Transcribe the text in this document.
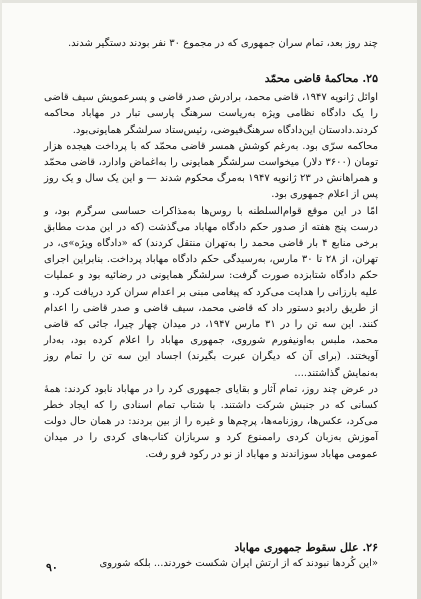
چند روز بعد، تمام سران جمهوری که در مجموع ۳۰ نفر بودند دستگیر شدند.

۲۵. محاکمهٔ قاضی محمّد

اوائل ژانویه ۱۹۴۷، قاضی محمد، برادرش صدر قاضی و پسرعمویش سیف قاضی را یک دادگاه نظامی ویژه به‌ریاست سرهنگ پارسی تبار در مهاباد محاکمه کردند.دادستان این‌دادگاه سرهنگ‌فیوضی، رئیس‌ستاد سرلشگر همایونی‌بود.

محاکمه سرّی بود. به‌رغم کوشش همسر قاضی محمّد که با پرداخت هیجده هزار تومان (۳۶۰۰ دلار) میخواست سرلشگر همایونی را به‌اغماض وادارد، قاضی محمّد و همراهانش در ۲۳ ژانویه ۱۹۴۷ به‌مرگ محکوم شدند — و این یک سال و یک روز پس از اعلام جمهوری بود.

امّا در این موقع قوام‌السلطنه با روس‌ها به‌مذاکرات حساسی سرگرم بود، و درست پنج هفته از صدور حکم دادگاه مهاباد می‌گذشت (که در این مدت مطابق برخی منابع ۴ بار قاضی محمد را به‌تهران منتقل کردند) که «دادگاه ویژه»ی، در تهران، از ۲۸ تا ۳۰ مارس، به‌رسیدگی حکم دادگاه مهاباد پرداخت. بنابراین اجرای حکم دادگاه شتابزده صورت گرفت: سرلشگر همایونی در رضائیه بود و عملیات علیه بارزانی را هدایت می‌کرد که پیغامی مبنی بر اعدام سران کرد دریافت کرد. و از طریق رادیو دستور داد که قاضی محمد، سیف قاضی و صدر قاضی را اعدام کنند. این سه تن را در ۳۱ مارس ۱۹۴۷، در میدان چهار چیرا، جائی که قاضی محمد، ملبس به‌اونیفورم شوروی، جمهوری مهاباد را اعلام کرده بود، به‌دار آویختند. (برای آن که دیگران عبرت بگیرند) اجساد این سه تن را تمام روز به‌نمایش گذاشتند....

در عرض چند روز، تمام آثار و بقایای جمهوری کرد را در مهاباد نابود کردند: همهٔ کسانی که در جنبش شرکت داشتند. با شتاب تمام اسنادی را که ایجاد خطر می‌کرد، عکس‌ها، روزنامه‌ها، پرچم‌ها و غیره را از بین بردند: در همان حال دولت آموزش به‌زبان کردی راممنوع کرد و سربازان کتاب‌های کردی را در میدان عمومی مهاباد سوزاندند و مهاباد از نو در رکود فرو رفت.

۲۶. علل سقوط جمهوری مهاباد

«این کُردها نبودند که از ارتش ایران شکست خوردند... بلکه شوروی

۹۰
